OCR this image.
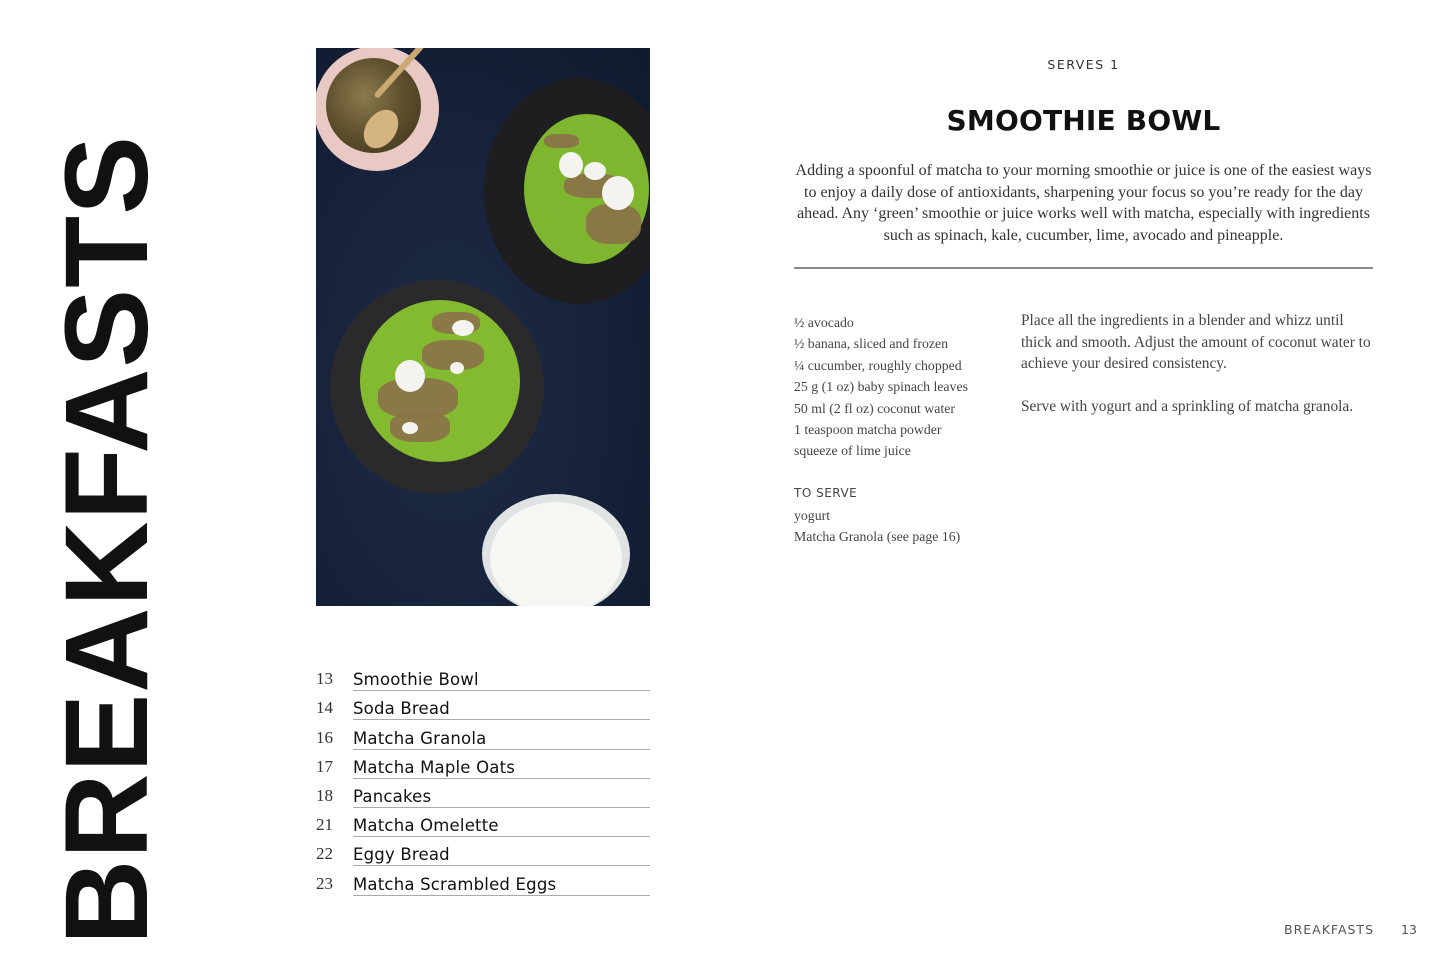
BREAKFASTS	13	Smoothie Bowl
14	Soda Bread
16	Matcha Granola
17	Matcha Maple Oats
18	Pancakes
21	Matcha Omelette
22	Eggy Bread
23	Matcha Scrambled Eggs
SERVES 1
SMOOTHIE BOWL
Adding a spoonful of matcha to your morning smoothie or juice is one of the easiest ways to enjoy a daily dose of antioxidants, sharpening your focus so you’re ready for the day ahead. Any ‘green’ smoothie or juice works well with matcha, especially with ingredients such as spinach, kale, cucumber, lime, avocado and pineapple.
½ avocado
½ banana, sliced and frozen
¼ cucumber, roughly chopped
25 g (1 oz) baby spinach leaves
50 ml (2 fl oz) coconut water
1 teaspoon matcha powder
squeeze of lime juice
TO SERVE
yogurt
Matcha Granola (see page 16)

Place all the ingredients in a blender and whizz until thick and smooth. Adjust the amount of coconut water to achieve your desired consistency.

Serve with yogurt and a sprinkling of matcha granola.

BREAKFASTS 13
